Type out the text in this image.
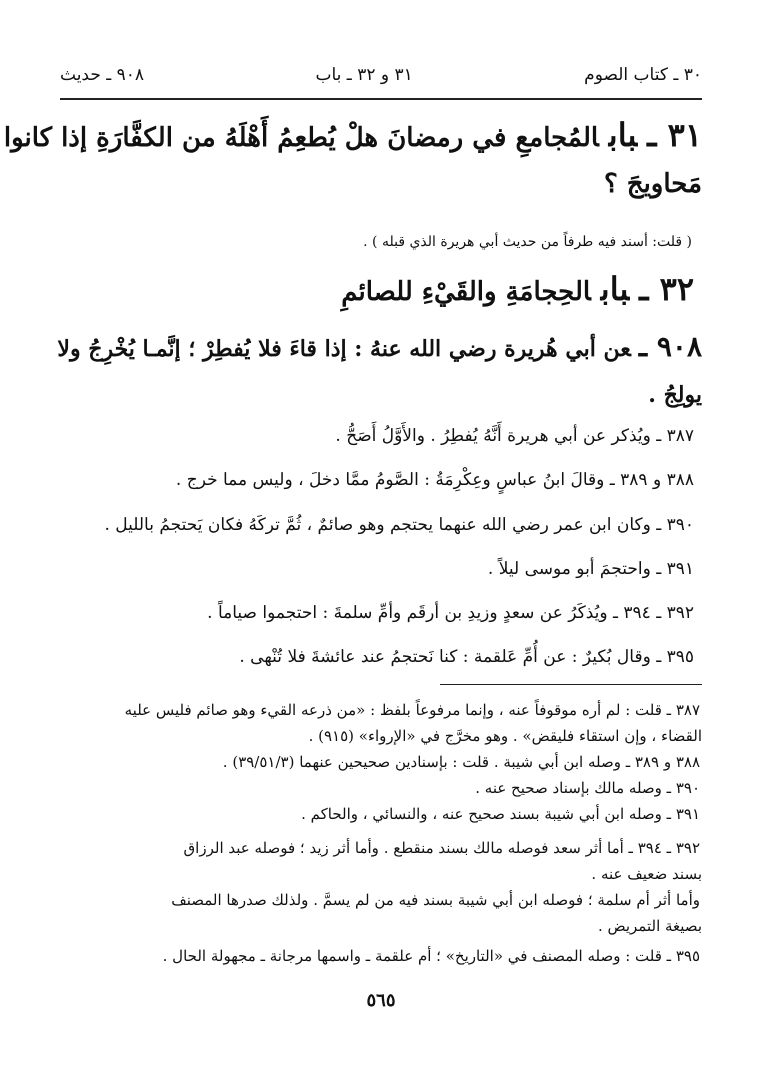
٣٠ ـ كتاب الصوم
٣١ و ٣٢ ـ باب
٩٠٨ ـ حديث
٣١ ـبابالمُجامعِ في رمضانَ هلْ يُطعِمُ أَهْلَهُ من الكفَّارَةِ إذا كانوا
مَحاويجَ ؟
( قلت: أسند فيه طرفاً من حديث أبي هريرة الذي قبله ) .
٣٢ ـبابالحِجامَةِ والقَيْءِ للصائمِ
٩٠٨ ـعن أبي هُريرة رضي الله عنهُ : إذا قاءَ فلا يُفطِرْ ؛ إنَّمـا يُخْرِجُ ولا
يولِجُ .
٣٨٧ ـ ويُذكر عن أبي هريرة أَنَّهُ يُفطِرُ . والأَوَّلُ أَصَحُّ .
٣٨٨ و ٣٨٩ ـ وقالَ ابنُ عباسٍ وعِكْرِمَةُ : الصَّومُ ممَّا دخلَ ، وليس مما خرج .
٣٩٠ ـ وكان ابن عمر رضي الله عنهما يحتجم وهو صائمٌ ، ثُمَّ تركَهُ فكان يَحتجمُ بالليل .
٣٩١ ـ واحتجمَ أبو موسى ليلاً .
٣٩٢ ـ ٣٩٤ ـ ويُذكَرُ عن سعدٍ وزيدِ بن أرقَم وأمِّ سلمةَ : احتجموا صياماً .
٣٩٥ ـ وقال بُكيرٌ : عن أُمِّ عَلقمة : كنا نَحتجمُ عند عائشةَ فلا تُنْهى .
٣٨٧ ـ قلت : لم أره موقوفاً عنه ، وإنما مرفوعاً بلفظ : «من ذرعه القيء وهو صائم فليس عليه
القضاء ، وإن استقاء فليقض» . وهو مخرَّج في «الإرواء» (٩١٥) .
٣٨٨ و ٣٨٩ ـ وصله ابن أبي شيبة . قلت : بإسنادين صحيحين عنهما (٣٩/٥١/٣) .
٣٩٠ ـ وصله مالك بإسناد صحيح عنه .
٣٩١ ـ وصله ابن أبي شيبة بسند صحيح عنه ، والنسائي ، والحاكم .
٣٩٢ ـ ٣٩٤ ـ أما أثر سعد فوصله مالك بسند منقطع . وأما أثر زيد ؛ فوصله عبد الرزاق
بسند ضعيف عنه .
وأما أثر أم سلمة ؛ فوصله ابن أبي شيبة بسند فيه من لم يسمَّ . ولذلك صدرها المصنف
بصيغة التمريض .
٣٩٥ ـ قلت : وصله المصنف في «التاريخ» ؛ أم علقمة ـ واسمها مرجانة ـ مجهولة الحال .
٥٦٥
